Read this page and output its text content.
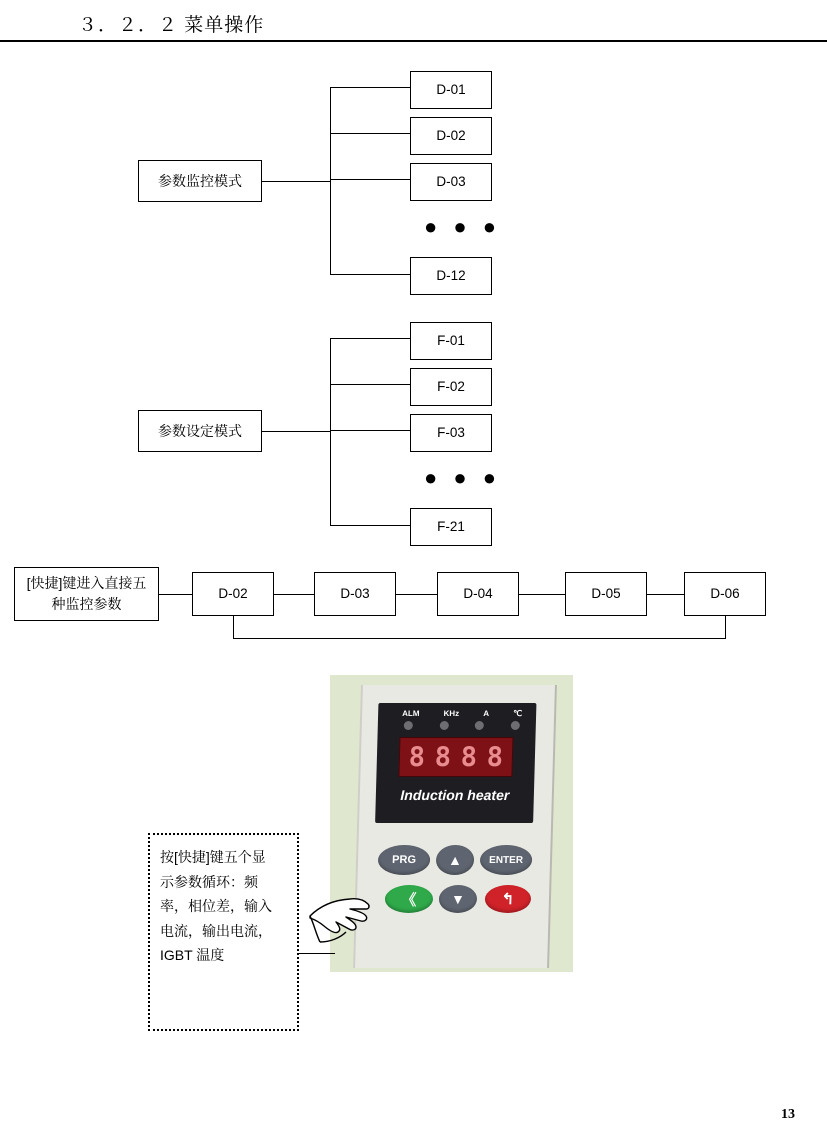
３．２．２ 菜单操作
参数监控模式
D-01
D-02
D-03
● ● ●
D-12
参数设定模式
F-01
F-02
F-03
● ● ●
F-21
[快捷]键进入直接五种监控参数
D-02	D-03	D-04	D-05	D-06
按[快捷]键五个显
示参数循环：频
率，相位差，输入
电流，输出电流，
IGBT 温度
ALM	KHz	A	℃
8 8 8 8
Induction heater
PRG	▲	ENTER
《	▼	↰
13
